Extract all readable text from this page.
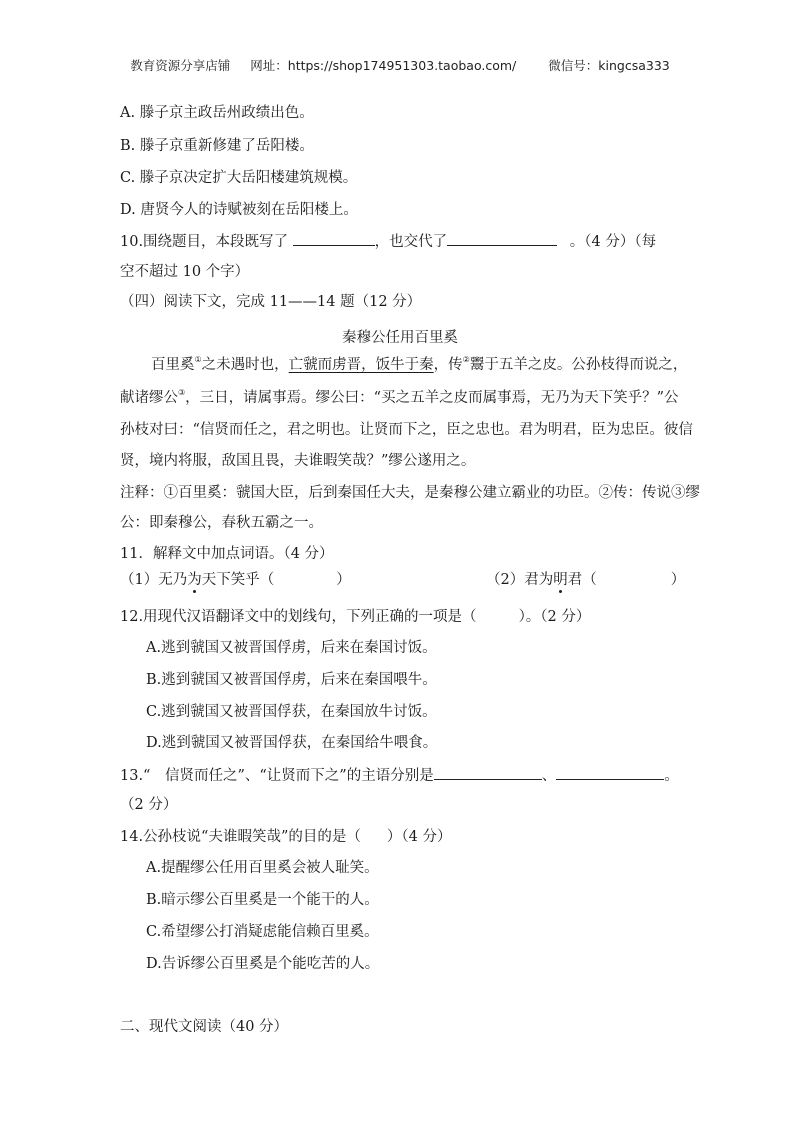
教育资源分享店铺 网址：https://shop174951303.taobao.com/	微信号：kingcsa333
A. 滕子京主政岳州政绩出色。
B. 滕子京重新修建了岳阳楼。
C. 滕子京决定扩大岳阳楼建筑规模。
D. 唐贤今人的诗赋被刻在岳阳楼上。
10.围绕题目，本段既写了	，也交代了	。（4 分）（每
空不超过 10 个字）
（四）阅读下文，完成 11——14 题（12 分）
秦穆公任用百里奚
百里奚①之未遇时也，亡虢而虏晋，饭牛于秦，传②鬻于五羊之皮。公孙枝得而说之，
献诸缪公③，三日，请属事焉。缪公曰：“买之五羊之皮而属事焉，无乃为天下笑乎？”公
孙枝对曰：“信贤而任之，君之明也。让贤而下之，臣之忠也。君为明君，臣为忠臣。彼信
贤，境内将服，敌国且畏，夫谁暇笑哉？”缪公遂用之。
注释：①百里奚：虢国大臣，后到秦国任大夫，是秦穆公建立霸业的功臣。②传：传说③缪
公：即秦穆公，春秋五霸之一。
11．解释文中加点词语。（4 分）
（1）无乃为天下笑乎（	）	（2）君为明君（	）
12.用现代汉语翻译文中的划线句，下列正确的一项是（	）。（2 分）
A.逃到虢国又被晋国俘虏，后来在秦国讨饭。
B.逃到虢国又被晋国俘虏，后来在秦国喂牛。
C.逃到虢国又被晋国俘获，在秦国放牛讨饭。
D.逃到虢国又被晋国俘获，在秦国给牛喂食。
13.“　信贤而任之”、“让贤而下之”的主语分别是	、	。
（2 分）
14.公孙枝说“夫谁暇笑哉”的目的是（ ）（4 分）
A.提醒缪公任用百里奚会被人耻笑。
B.暗示缪公百里奚是一个能干的人。
C.希望缪公打消疑虑能信赖百里奚。
D.告诉缪公百里奚是个能吃苦的人。
二、现代文阅读（40 分）
